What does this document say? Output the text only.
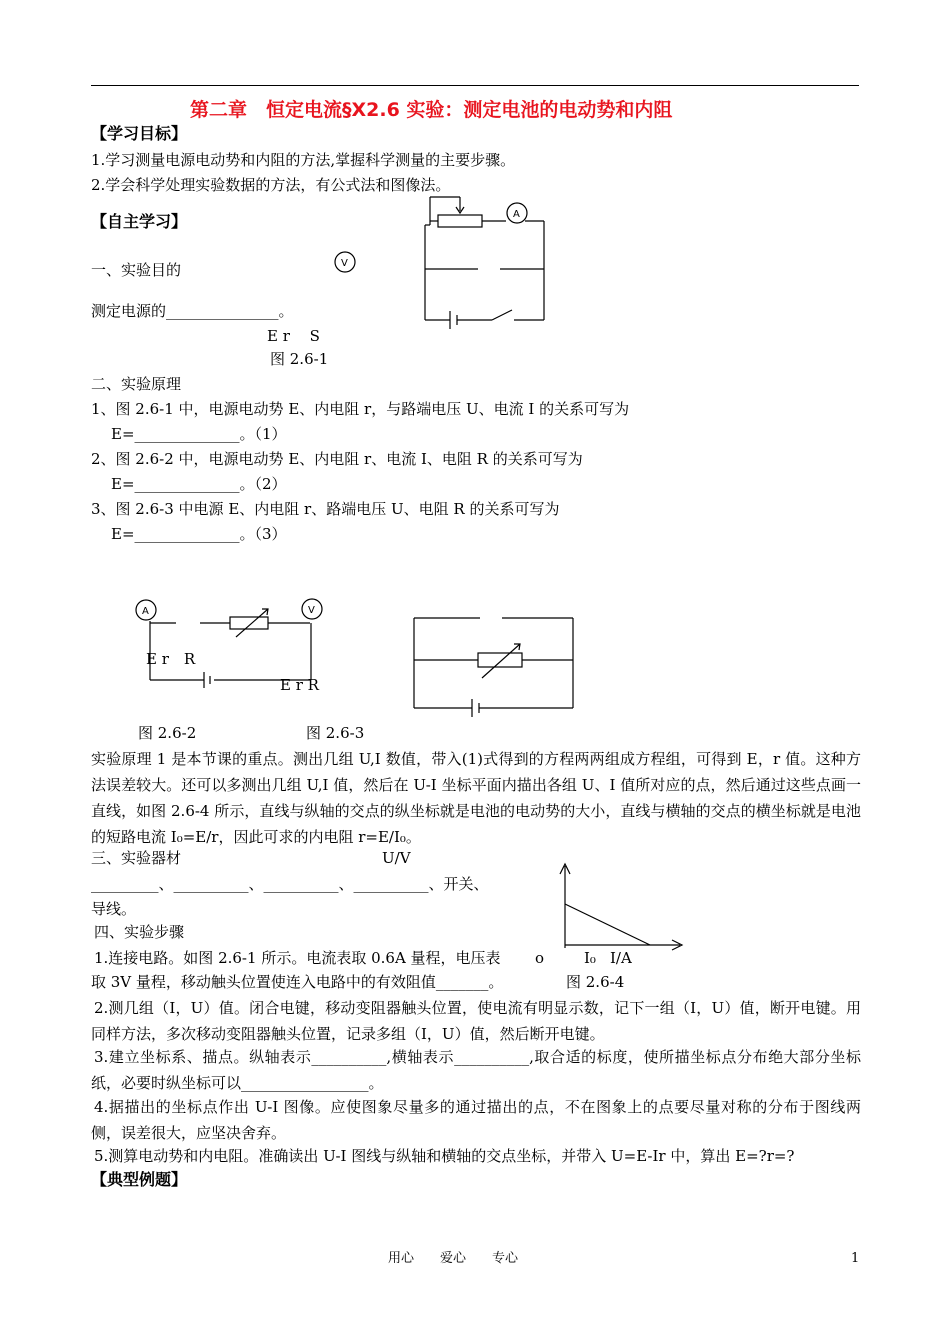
第二章　恒定电流§X2.6 实验：测定电池的电动势和内阻
【学习目标】
1.学习测量电源电动势和内阻的方法,掌握科学测量的主要步骤。
2.学会科学处理实验数据的方法，有公式法和图像法。
【自主学习】
一、实验目的
测定电源的_______________。
V
A
E r　 S
图 2.6-1
二、实验原理
1、图 2.6-1 中，电源电动势 E、内电阻 r，与路端电压 U、电流 I 的关系可写为
E=______________。（1）
2、图 2.6-2 中，电源电动势 E、内电阻 r、电流 I、电阻 R 的关系可写为
E=______________。（2）
3、图 2.6-3 中电源 E、内电阻 r、路端电压 U、电阻 R 的关系可写为
E=______________。（3）
A	V
E r　R
图 2.6-2
E r R
图 2.6-3
实验原理 1 是本节课的重点。测出几组 U,I 数值，带入(1)式得到的方程两两组成方程组，可得到 E，r 值。这种方法误差较大。还可以多测出几组 U,I 值，然后在 U-I 坐标平面内描出各组 U、I 值所对应的点，然后通过这些点画一直线，如图 2.6-4 所示，直线与纵轴的交点的纵坐标就是电池的电动势的大小，直线与横轴的交点的横坐标就是电池的短路电流 I₀=E/r，因此可求的内电阻 r=E/I₀。
三、实验器材
_________、__________、__________、__________、开关、
导线。
U/V
o	I₀ I/A
图 2.6-4
四、实验步骤
1.连接电路。如图 2.6-1 所示。电流表取 0.6A 量程，电压表
取 3V 量程，移动触头位置使连入电路中的有效阻值_______。
2.测几组（I，U）值。闭合电键，移动变阻器触头位置，使电流有明显示数，记下一组（I，U）值，断开电键。用同样方法，多次移动变阻器触头位置，记录多组（I，U）值，然后断开电键。
3.建立坐标系、描点。纵轴表示__________,横轴表示__________,取合适的标度，使所描坐标点分布绝大部分坐标纸，必要时纵坐标可以_________________。
4.据描出的坐标点作出 U-I 图像。应使图象尽量多的通过描出的点，不在图象上的点要尽量对称的分布于图线两侧，误差很大，应坚决舍弃。
5.测算电动势和内电阻。准确读出 U-I 图线与纵轴和横轴的交点坐标，并带入 U=E-Ir 中，算出 E=?r=?
【典型例题】
用心　　爱心　　专心	1
